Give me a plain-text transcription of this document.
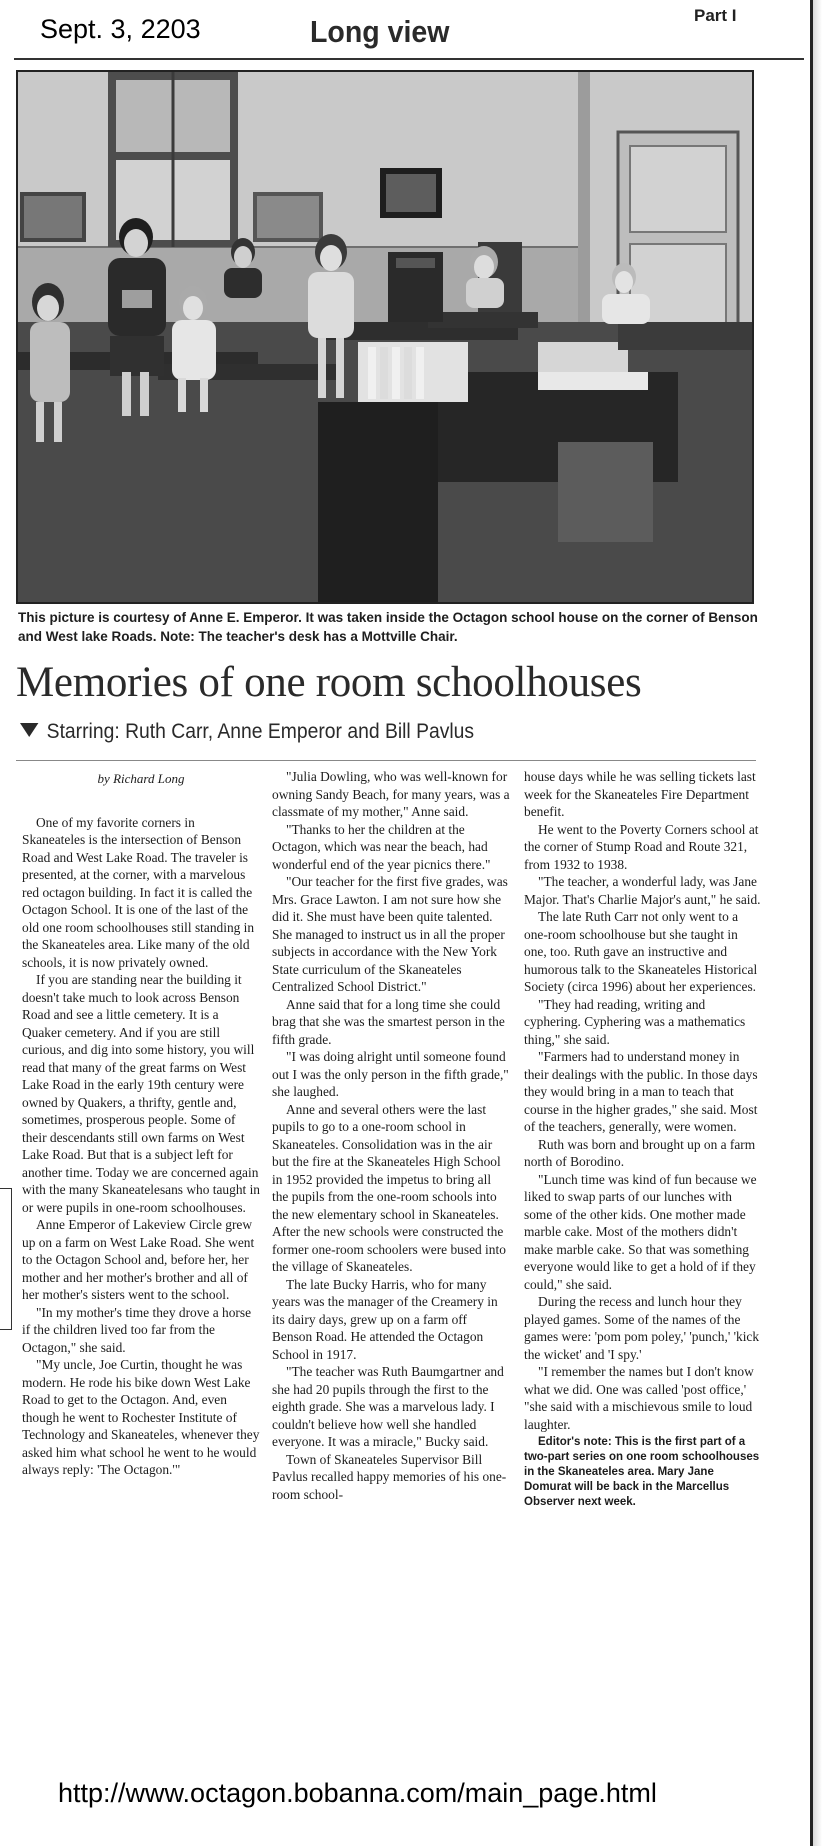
Sept. 3, 2203	Long view	Part I
This picture is courtesy of Anne E. Emperor. It was taken inside the Octagon school house on the corner of Benson and West lake Roads. Note: The teacher's desk has a Mottville Chair.
Memories of one room schoolhouses
Starring: Ruth Carr, Anne Emperor and Bill Pavlus
by Richard Long

One of my favorite corners in Skaneateles is the intersection of Benson Road and West Lake Road. The traveler is presented, at the corner, with a marvelous red octagon building. In fact it is called the Octagon School. It is one of the last of the old one room schoolhouses still standing in the Skaneateles area. Like many of the old schools, it is now privately owned.

If you are standing near the building it doesn't take much to look across Benson Road and see a little cemetery. It is a Quaker cemetery. And if you are still curious, and dig into some history, you will read that many of the great farms on West Lake Road in the early 19th century were owned by Quakers, a thrifty, gentle and, sometimes, prosperous people. Some of their descendants still own farms on West Lake Road. But that is a subject left for another time. Today we are concerned again with the many Skaneatelesans who taught in or were pupils in one-room schoolhouses.

Anne Emperor of Lakeview Circle grew up on a farm on West Lake Road. She went to the Octagon School and, before her, her mother and her mother's brother and all of her mother's sisters went to the school.

"In my mother's time they drove a horse if the children lived too far from the Octagon," she said.

"My uncle, Joe Curtin, thought he was modern. He rode his bike down West Lake Road to get to the Octagon. And, even though he went to Rochester Institute of Technology and Skaneateles, whenever they asked him what school he went to he would always reply: 'The Octagon.'"

"Julia Dowling, who was well-known for owning Sandy Beach, for many years, was a classmate of my mother," Anne said.

"Thanks to her the children at the Octagon, which was near the beach, had wonderful end of the year picnics there."

"Our teacher for the first five grades, was Mrs. Grace Lawton. I am not sure how she did it. She must have been quite talented. She managed to instruct us in all the proper subjects in accordance with the New York State curriculum of the Skaneateles Centralized School District."

Anne said that for a long time she could brag that she was the smartest person in the fifth grade.

"I was doing alright until someone found out I was the only person in the fifth grade," she laughed.

Anne and several others were the last pupils to go to a one-room school in Skaneateles. Consolidation was in the air but the fire at the Skaneateles High School in 1952 provided the impetus to bring all the pupils from the one-room schools into the new elementary school in Skaneateles. After the new schools were constructed the former one-room schoolers were bused into the village of Skaneateles.

The late Bucky Harris, who for many years was the manager of the Creamery in its dairy days, grew up on a farm off Benson Road. He attended the Octagon School in 1917.

"The teacher was Ruth Baumgartner and she had 20 pupils through the first to the eighth grade. She was a marvelous lady. I couldn't believe how well she handled everyone. It was a miracle," Bucky said.

Town of Skaneateles Supervisor Bill Pavlus recalled happy memories of his one-room school-

house days while he was selling tickets last week for the Skaneateles Fire Department benefit.

He went to the Poverty Corners school at the corner of Stump Road and Route 321, from 1932 to 1938.

"The teacher, a wonderful lady, was Jane Major. That's Charlie Major's aunt," he said.

The late Ruth Carr not only went to a one-room schoolhouse but she taught in one, too. Ruth gave an instructive and humorous talk to the Skaneateles Historical Society (circa 1996) about her experiences.

"They had reading, writing and cyphering. Cyphering was a mathematics thing," she said.

"Farmers had to understand money in their dealings with the public. In those days they would bring in a man to teach that course in the higher grades," she said. Most of the teachers, generally, were women.

Ruth was born and brought up on a farm north of Borodino.

"Lunch time was kind of fun because we liked to swap parts of our lunches with some of the other kids. One mother made marble cake. Most of the mothers didn't make marble cake. So that was something everyone would like to get a hold of if they could," she said.

During the recess and lunch hour they played games. Some of the names of the games were: 'pom pom poley,' 'punch,' 'kick the wicket' and 'I spy.'

"I remember the names but I don't know what we did. One was called 'post office,' "she said with a mischievous smile to loud laughter.

Editor's note: This is the first part of a two-part series on one room schoolhouses in the Skaneateles area. Mary Jane Domurat will be back in the Marcellus Observer next week.

http://www.octagon.bobanna.com/main_page.html
